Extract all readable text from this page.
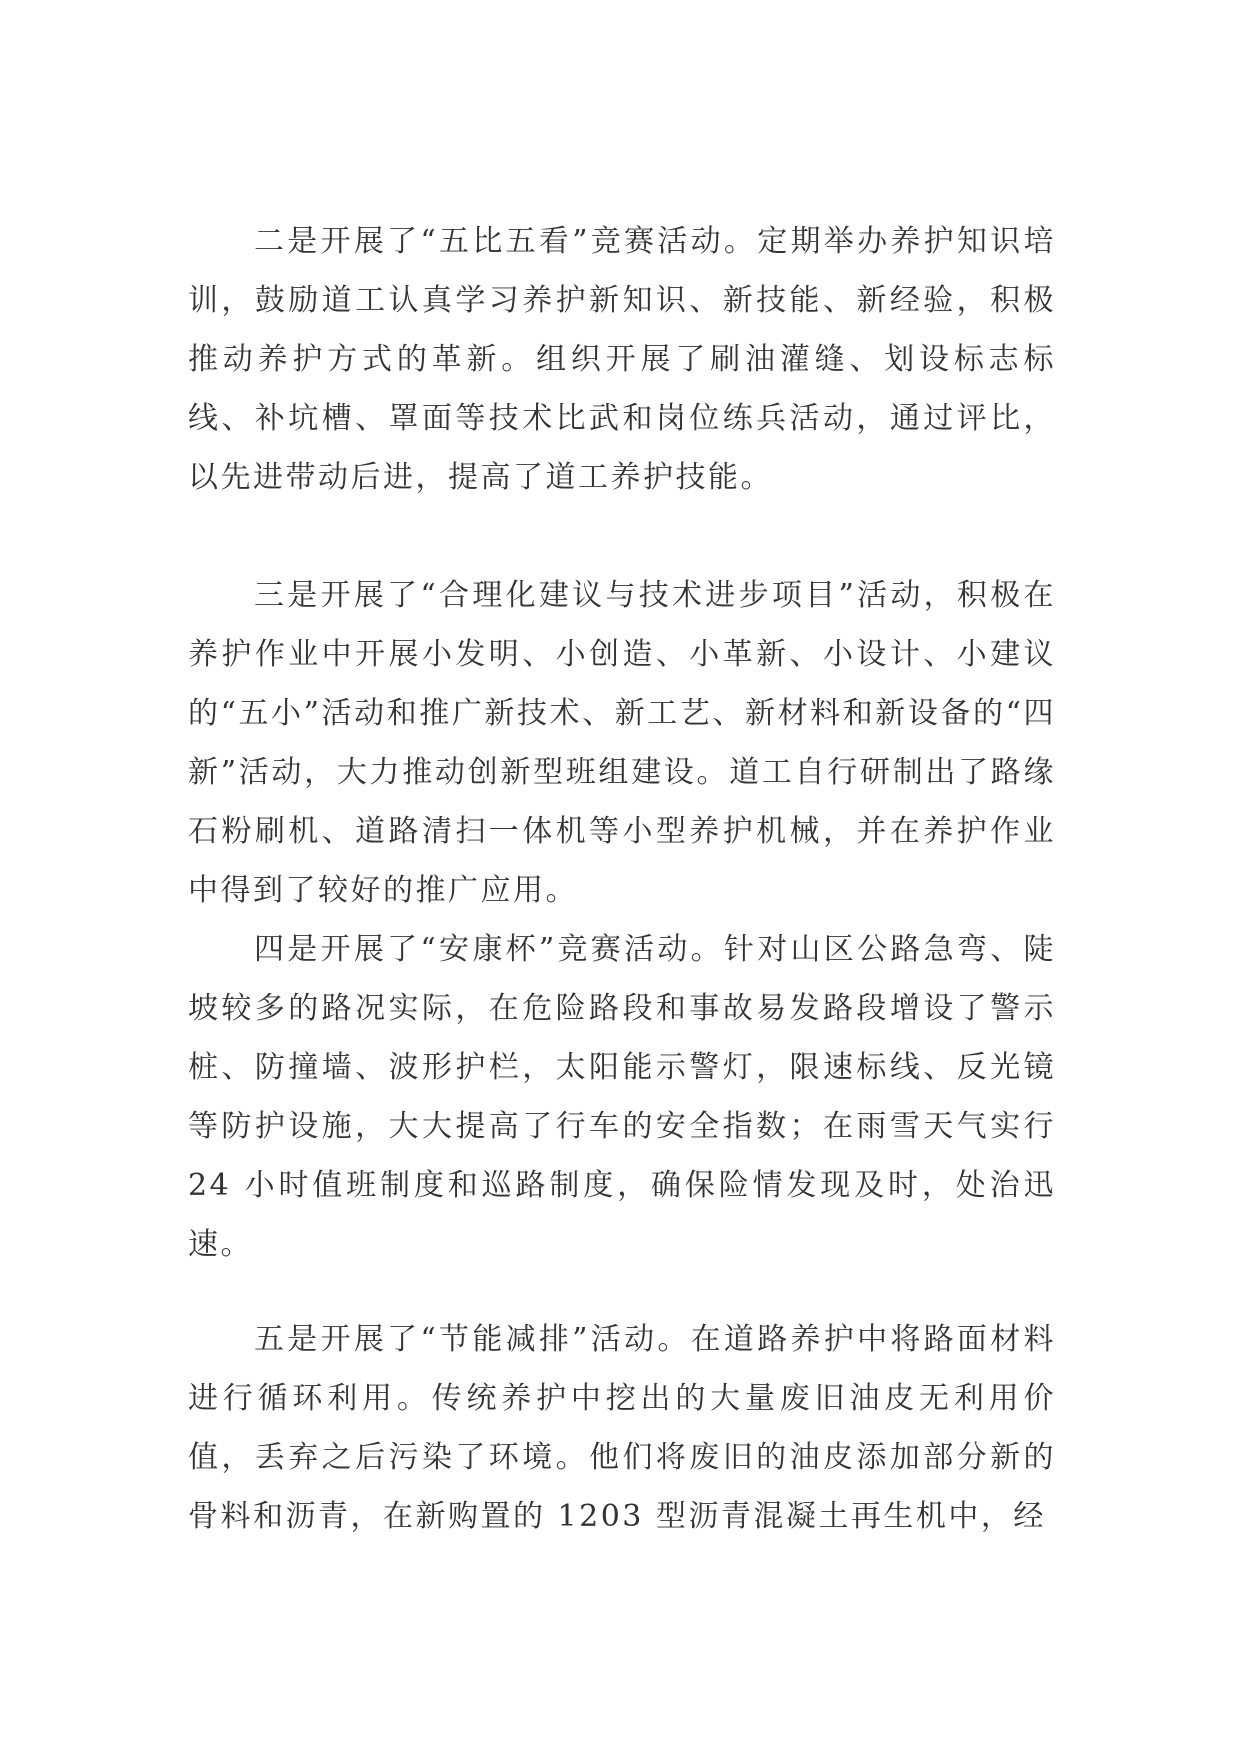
二是开展了“五比五看”竞赛活动。定期举办养护知识培训，鼓励道工认真学习养护新知识、新技能、新经验，积极推动养护方式的革新。组织开展了刷油灌缝、划设标志标线、补坑槽、罩面等技术比武和岗位练兵活动，通过评比，以先进带动后进，提高了道工养护技能。

三是开展了“合理化建议与技术进步项目”活动，积极在养护作业中开展小发明、小创造、小革新、小设计、小建议的“五小”活动和推广新技术、新工艺、新材料和新设备的“四新”活动，大力推动创新型班组建设。道工自行研制出了路缘石粉刷机、道路清扫一体机等小型养护机械，并在养护作业中得到了较好的推广应用。

四是开展了“安康杯”竞赛活动。针对山区公路急弯、陡坡较多的路况实际，在危险路段和事故易发路段增设了警示桩、防撞墙、波形护栏，太阳能示警灯，限速标线、反光镜等防护设施，大大提高了行车的安全指数；在雨雪天气实行 24 小时值班制度和巡路制度，确保险情发现及时，处治迅速。

五是开展了“节能减排”活动。在道路养护中将路面材料进行循环利用。传统养护中挖出的大量废旧油皮无利用价值，丢弃之后污染了环境。他们将废旧的油皮添加部分新的骨料和沥青，在新购置的 1203 型沥青混凝土再生机中，经
